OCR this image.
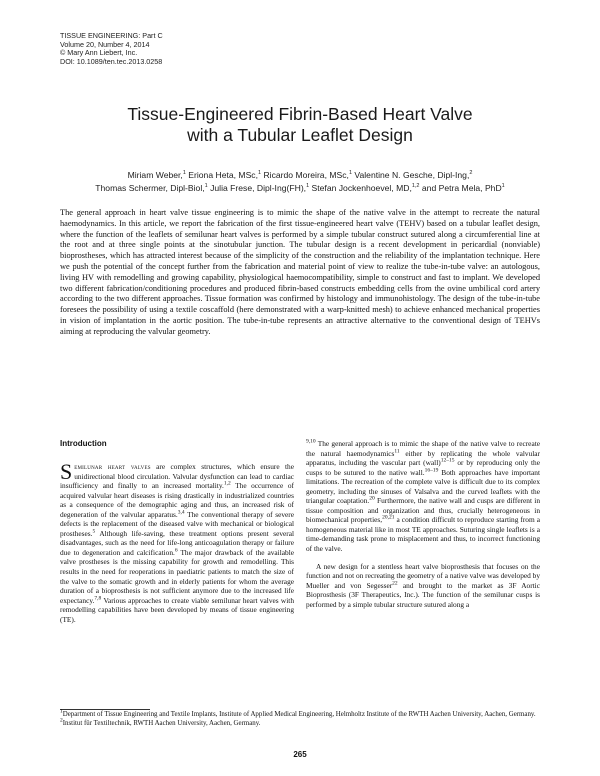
TISSUE ENGINEERING: Part C
Volume 20, Number 4, 2014
© Mary Ann Liebert, Inc.
DOI: 10.1089/ten.tec.2013.0258
Tissue-Engineered Fibrin-Based Heart Valve
with a Tubular Leaflet Design
Miriam Weber,$^1$ Eriona Heta, MSc,$^1$ Ricardo Moreira, MSc,$^1$ Valentine N. Gesche, Dipl-Ing,$^2$
Thomas Schermer, Dipl-Biol,$^1$ Julia Frese, Dipl-Ing(FH),$^1$ Stefan Jockenhoevel, MD,$^{1,2}$ and Petra Mela, PhD$^1$
The general approach in heart valve tissue engineering is to mimic the shape of the native valve in the attempt to recreate the natural haemodynamics. In this article, we report the fabrication of the first tissue-engineered heart valve (TEHV) based on a tubular leaflet design, where the function of the leaflets of semilunar heart valves is performed by a simple tubular construct sutured along a circumferential line at the root and at three single points at the sinotubular junction. The tubular design is a recent development in pericardial (nonviable) bioprostheses, which has attracted interest because of the simplicity of the construction and the reliability of the implantation technique. Here we push the potential of the concept further from the fabrication and material point of view to realize the tube-in-tube valve: an autologous, living HV with remodelling and growing capability, physiological haemocompatibility, simple to construct and fast to implant. We developed two different fabrication/conditioning procedures and produced fibrin-based constructs embedding cells from the ovine umbilical cord artery according to the two different approaches. Tissue formation was confirmed by histology and immunohistology. The design of the tube-in-tube foresees the possibility of using a textile coscaffold (here demonstrated with a warp-knitted mesh) to achieve enhanced mechanical properties in vision of implantation in the aortic position. The tube-in-tube represents an attractive alternative to the conventional design of TEHVs aiming at reproducing the valvular geometry.
Introduction

Semilunar heart valves are complex structures, which ensure the unidirectional blood circulation. Valvular dysfunction can lead to cardiac insufficiency and finally to an increased mortality.$^{1,2}$ The occurrence of acquired valvular heart diseases is rising drastically in industrialized countries as a consequence of the demographic aging and thus, an increased risk of degeneration of the valvular apparatus.$^{3,4}$ The conventional therapy of severe defects is the replacement of the diseased valve with mechanical or biological prostheses.$^5$ Although life-saving, these treatment options present several disadvantages, such as the need for life-long anticoagulation therapy or failure due to degeneration and calcification.$^6$ The major drawback of the available valve prostheses is the missing capability for growth and remodelling. This results in the need for reoperations in paediatric patients to match the size of the valve to the somatic growth and in elderly patients for whom the average duration of a bioprosthesis is not sufficient anymore due to the increased life expectancy.$^{7,8}$ Various approaches to create viable semilunar heart valves with remodelling capabilities have been developed by means of tissue engineering (TE).

$^{9,10}$ The general approach is to mimic the shape of the native valve to recreate the natural haemodynamics$^{11}$ either by replicating the whole valvular apparatus, including the vascular part (wall)$^{12-15}$ or by reproducing only the cusps to be sutured to the native wall.$^{16-19}$ Both approaches have important limitations. The recreation of the complete valve is difficult due to its complex geometry, including the sinuses of Valsalva and the curved leaflets with the triangular coaptation.$^{20}$ Furthermore, the native wall and cusps are different in tissue composition and organization and thus, crucially heterogeneous in biomechanical properties,$^{20,21}$ a condition difficult to reproduce starting from a homogeneous material like in most TE approaches. Suturing single leaflets is a time-demanding task prone to misplacement and thus, to incorrect functioning of the valve.

A new design for a stentless heart valve bioprosthesis that focuses on the function and not on recreating the geometry of a native valve was developed by Mueller and von Segesser$^{22}$ and brought to the market as 3F Aortic Bioprosthesis (3F Therapeutics, Inc.). The function of the semilunar cusps is performed by a simple tubular structure sutured along a

$^1$Department of Tissue Engineering and Textile Implants, Institute of Applied Medical Engineering, Helmholtz Institute of the RWTH Aachen University, Aachen, Germany.

$^2$Institut für Textiltechnik, RWTH Aachen University, Aachen, Germany.

265
